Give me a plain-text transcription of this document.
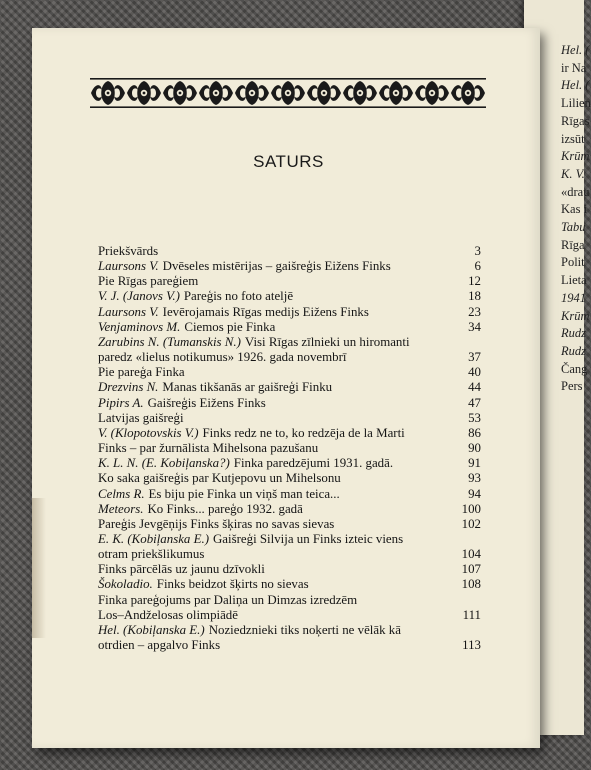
Hel. (
ir Na
Hel. (
Lilien
Rīgas
izsūt
Krūm
K. V.
«drau
Kas i
Tabu
Rīga
Polit
Lieta
1941
Krūm
Rudz
Rudz
Čang
Pers
SATURS
Priekšvārds	3
Laursons V. Dvēseles mistērijas – gaišreģis Eižens Finks	6
Pie Rīgas pareģiem	12
V. J. (Janovs V.) Pareģis no foto ateljē	18
Laursons V. Ievērojamais Rīgas medijs Eižens Finks	23
Venjaminovs M. Ciemos pie Finka	34
Zarubins N. (Tumanskis N.) Visi Rīgas zīlnieki un hiromanti
paredz «lielus notikumus» 1926. gada novembrī	37
Pie pareģa Finka	40
Drezvins N. Manas tikšanās ar gaišreģi Finku	44
Pipirs A. Gaišreģis Eižens Finks	47
Latvijas gaišreģi	53
V. (Klopotovskis V.) Finks redz ne to, ko redzēja de la Marti	86
Finks – par žurnālista Mihelsona pazušanu	90
K. L. N. (E. Kobiļanska?) Finka paredzējumi 1931. gadā.	91
Ko saka gaišreģis par Kutjepovu un Mihelsonu	93
Celms R. Es biju pie Finka un viņš man teica...	94
Meteors. Ko Finks... pareģo 1932. gadā	100
Pareģis Jevgēņijs Finks šķiras no savas sievas	102
E. K. (Kobiļanska E.) Gaišreģi Silvija un Finks izteic viens
otram priekšlikumus	104
Finks pārcēlās uz jaunu dzīvokli	107
Šokoladio. Finks beidzot šķirts no sievas	108
Finka pareģojums par Daliņa un Dimzas izredzēm
Los–Andželosas olimpiādē	111
Hel. (Kobiļanska E.) Noziedznieki tiks noķerti ne vēlāk kā
otrdien – apgalvo Finks	113
